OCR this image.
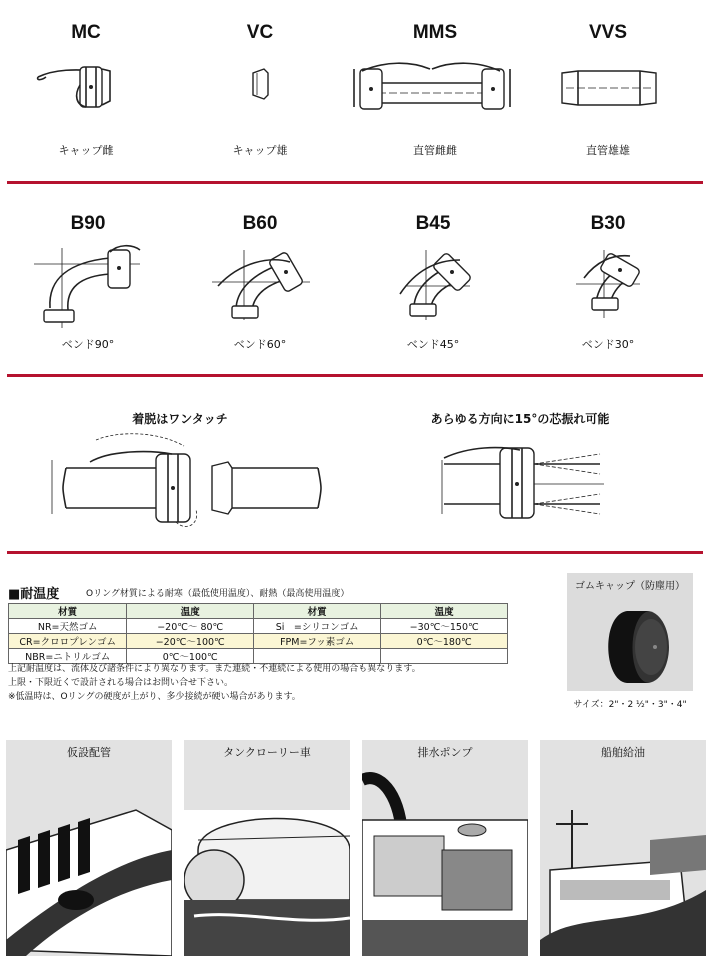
MC	VC	MMS	VVS
キャップ雌	キャップ雄	直管雌雌	直管雄雄
B90	B60	B45	B30
ベンド90°	ベンド60°	ベンド45°	ベンド30°
着脱はワンタッチ	あらゆる方向に15°の芯振れ可能
■耐温度	Oリング材質による耐寒（最低使用温度）、耐熱（最高使用温度）
材質	温度	材質	温度
NR=天然ゴム	−20℃〜 80℃	Si　=シリコンゴム	−30℃〜150℃
CR=クロロプレンゴム	−20℃〜100℃	FPM=フッ素ゴム	0℃〜180℃
NBR=ニトリルゴム	0℃〜100℃		
上記耐温度は、流体及び諸条件により異なります。また連続・不連続による使用の場合も異なります。
上限・下限近くで設計される場合はお問い合せ下さい。
※低温時は、Oリングの硬度が上がり、多少接続が硬い場合があります。
ゴムキャップ（防塵用）
サイズ：2"・2 ½"・3"・4"
仮設配管	タンクローリー車	排水ポンプ	船舶給油
